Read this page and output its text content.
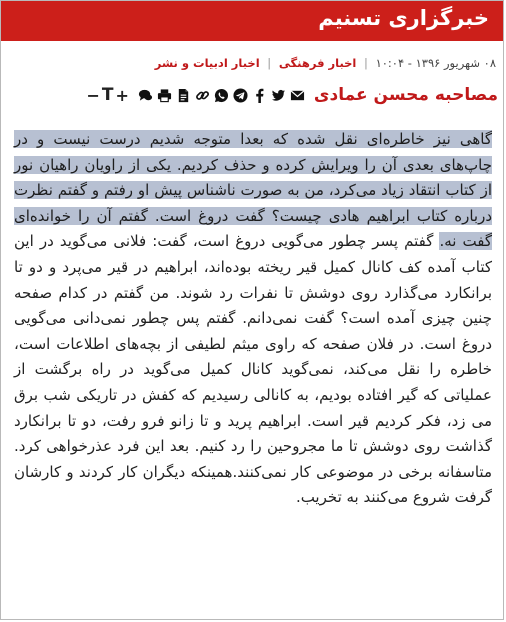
خبرگزاری تسنیم
۰۸ شهریور ۱۳۹۶ - ۱۰:۰۴ | اخبار فرهنگی | اخبار ادبیات و نشر
مصاحبه محسن عمادی
− T +

گاهی نیز خاطره‌ای نقل شده که بعدا متوجه شدیم درست نیست و در چاپ‌های بعدی آن را ویرایش کرده و حذف کردیم. یکی از راویان راهیان نور از کتاب انتقاد زیاد می‌کرد، من به صورت ناشناس پیش او رفتم و گفتم نظرت درباره کتاب ابراهیم هادی چیست؟ گفت دروغ است. گفتم آن را خوانده‌ای گفت نه. گفتم پسر چطور می‌گویی دروغ است، گفت: فلانی می‌گوید در این کتاب آمده کف کانال کمیل قیر ریخته بوده‌اند، ابراهیم در قیر می‌پرد و دو تا برانکارد می‌گذارد روی دوشش تا نفرات رد شوند. من گفتم در کدام صفحه چنین چیزی آمده است؟ گفت نمی‌دانم. گفتم پس چطور نمی‌دانی می‌گویی دروغ است. در فلان صفحه که راوی میثم لطیفی از بچه‌های اطلاعات است، خاطره را نقل می‌کند، نمی‌گوید کانال کمیل می‌گوید در راه برگشت از عملیاتی که گیر افتاده بودیم، به کانالی رسیدیم که کفش در تاریکی شب برق می زد، فکر کردیم قیر است. ابراهیم پرید و تا زانو فرو رفت، دو تا برانکارد گذاشت روی دوشش تا ما مجروحین را رد کنیم. بعد این فرد عذرخواهی کرد. متاسفانه برخی در موضوعی کار نمی‌کنند.همینکه دیگران کار کردند و کارشان گرفت شروع می‌کنند به تخریب.
